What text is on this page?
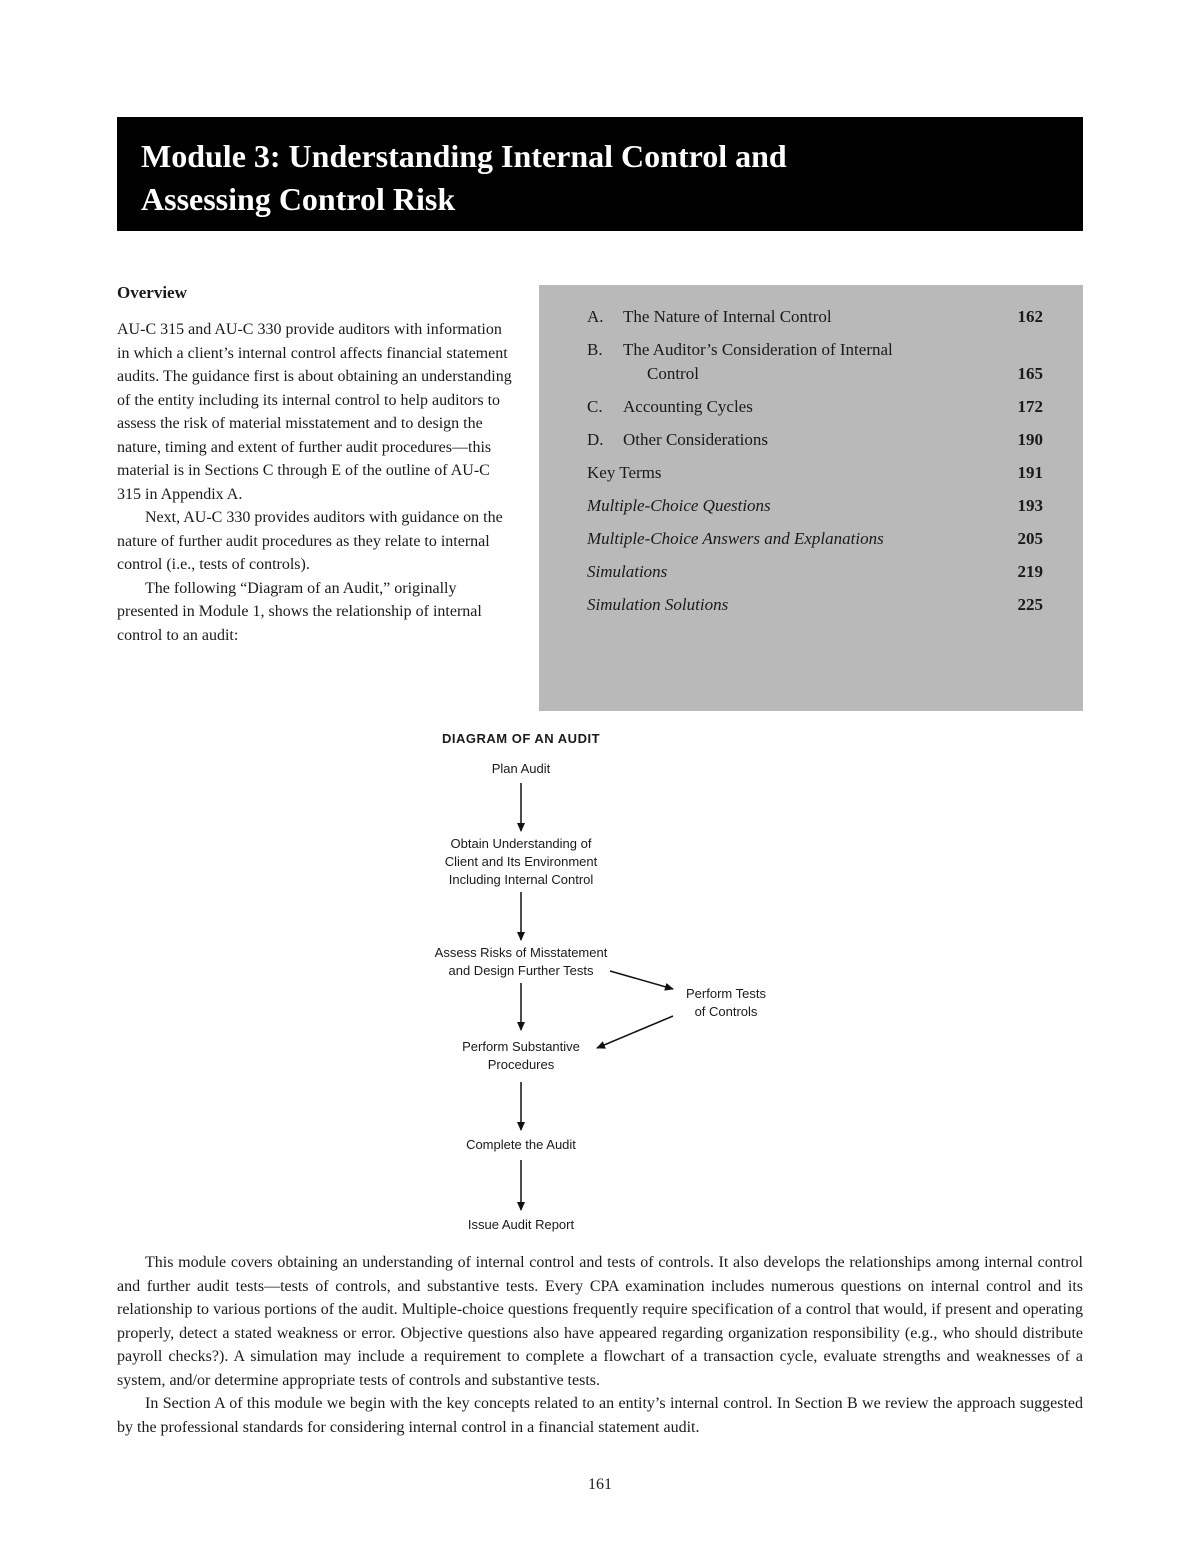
Module 3: Understanding Internal Control and
Assessing Control Risk
Overview

AU-C 315 and AU-C 330 provide auditors with information in which a client’s internal control affects financial statement audits. The guidance first is about obtaining an understanding of the entity including its internal control to help auditors to assess the risk of material misstatement and to design the nature, timing and extent of further audit procedures—this material is in Sections C through E of the outline of AU-C 315 in Appendix A.

Next, AU-C 330 provides auditors with guidance on the nature of further audit procedures as they relate to internal control (i.e., tests of controls).

The following “Diagram of an Audit,” originally presented in Module 1, shows the relationship of internal control to an audit:

A.	The Nature of Internal Control	162
B.	The Auditor’s Consideration of Internal
Control	165
C.	Accounting Cycles	172
D.	Other Considerations	190
Key Terms	191
Multiple-Choice Questions	193
Multiple-Choice Answers and Explanations	205
Simulations	219
Simulation Solutions	225
DIAGRAM OF AN AUDIT
Plan Audit
Obtain Understanding of
Client and Its Environment
Including Internal Control
Assess Risks of Misstatement
and Design Further Tests
Perform Tests
of Controls
Perform Substantive
Procedures
Complete the Audit
Issue Audit Report

This module covers obtaining an understanding of internal control and tests of controls. It also develops the relationships among internal control and further audit tests—tests of controls, and substantive tests. Every CPA examination includes numerous questions on internal control and its relationship to various portions of the audit. Multiple-choice questions frequently require specification of a control that would, if present and operating properly, detect a stated weakness or error. Objective questions also have appeared regarding organization responsibility (e.g., who should distribute payroll checks?). A simulation may include a requirement to complete a flowchart of a transaction cycle, evaluate strengths and weaknesses of a system, and/or determine appropriate tests of controls and substantive tests.

In Section A of this module we begin with the key concepts related to an entity’s internal control. In Section B we review the approach suggested by the professional standards for considering internal control in a financial statement audit.

161
